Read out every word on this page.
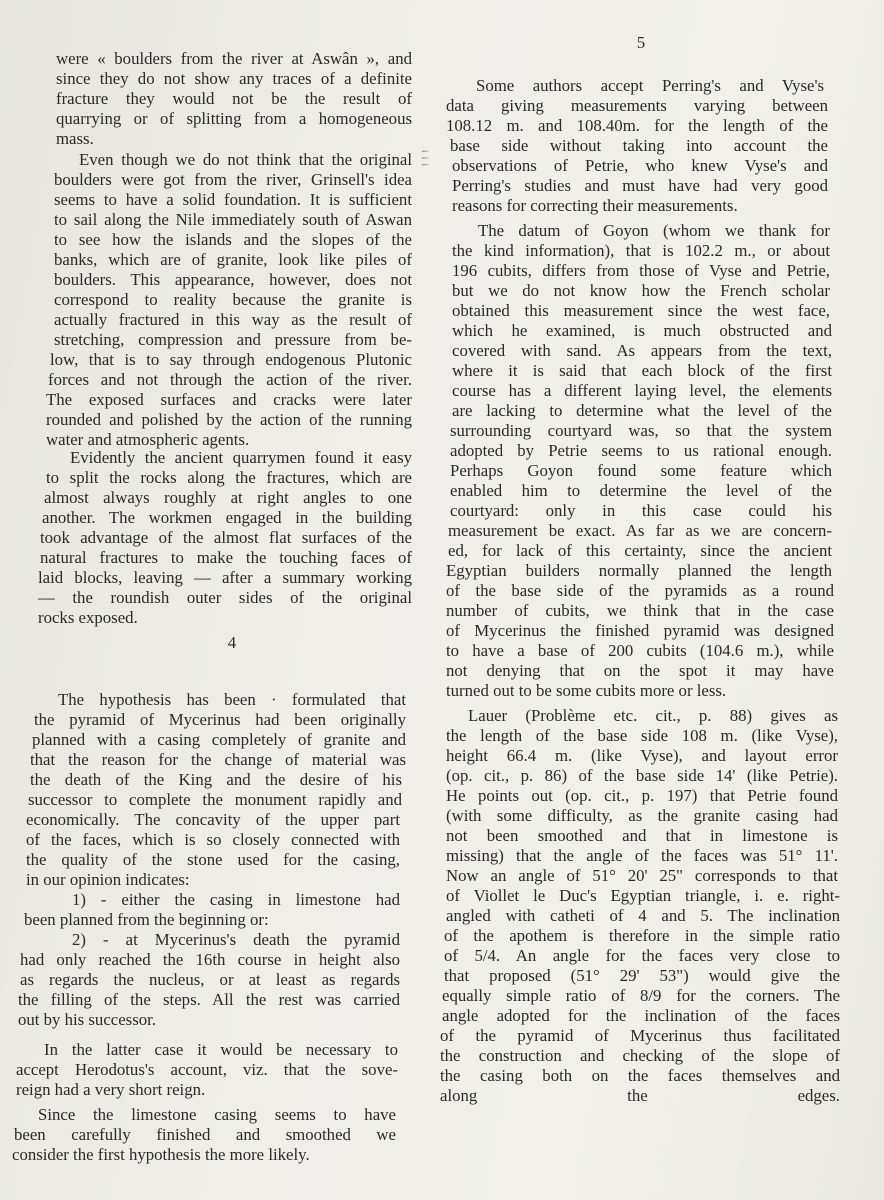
i i i
were « boulders from the river at Aswân », and
since they do not show any traces of a definite
fracture they would not be the result of
quarrying or of splitting from a homogeneous
mass.
Even though we do not think that the original
boulders were got from the river, Grinsell's idea
seems to have a solid foundation. It is sufficient
to sail along the Nile immediately south of Aswan
to see how the islands and the slopes of the
banks, which are of granite, look like piles of
boulders. This appearance, however, does not
correspond to reality because the granite is
actually fractured in this way as the result of
stretching, compression and pressure from be-
low, that is to say through endogenous Plutonic
forces and not through the action of the river.
The exposed surfaces and cracks were later
rounded and polished by the action of the running
water and atmospheric agents.
Evidently the ancient quarrymen found it easy
to split the rocks along the fractures, which are
almost always roughly at right angles to one
another. The workmen engaged in the building
took advantage of the almost flat surfaces of the
natural fractures to make the touching faces of
laid blocks, leaving — after a summary working
— the roundish outer sides of the original
rocks exposed.
The hypothesis has been · formulated that
the pyramid of Mycerinus had been originally
planned with a casing completely of granite and
that the reason for the change of material was
the death of the King and the desire of his
successor to complete the monument rapidly and
economically. The concavity of the upper part
of the faces, which is so closely connected with
the quality of the stone used for the casing,
in our opinion indicates:
1) - either the casing in limestone had
been planned from the beginning or:
2) - at Mycerinus's death the pyramid
had only reached the 16th course in height also
as regards the nucleus, or at least as regards
the filling of the steps. All the rest was carried
out by his successor.
In the latter case it would be necessary to
accept Herodotus's account, viz. that the sove-
reign had a very short reign.
Since the limestone casing seems to have
been carefully finished and smoothed we
consider the first hypothesis the more likely.
Some authors accept Perring's and Vyse's
data giving measurements varying between
108.12 m. and 108.40m. for the length of the
base side without taking into account the
observations of Petrie, who knew Vyse's and
Perring's studies and must have had very good
reasons for correcting their measurements.
The datum of Goyon (whom we thank for
the kind information), that is 102.2 m., or about
196 cubits, differs from those of Vyse and Petrie,
but we do not know how the French scholar
obtained this measurement since the west face,
which he examined, is much obstructed and
covered with sand. As appears from the text,
where it is said that each block of the first
course has a different laying level, the elements
are lacking to determine what the level of the
surrounding courtyard was, so that the system
adopted by Petrie seems to us rational enough.
Perhaps Goyon found some feature which
enabled him to determine the level of the
courtyard: only in this case could his
measurement be exact. As far as we are concern-
ed, for lack of this certainty, since the ancient
Egyptian builders normally planned the length
of the base side of the pyramids as a round
number of cubits, we think that in the case
of Mycerinus the finished pyramid was designed
to have a base of 200 cubits (104.6 m.), while
not denying that on the spot it may have
turned out to be some cubits more or less.
Lauer (Problème etc. cit., p. 88) gives as
the length of the base side 108 m. (like Vyse),
height 66.4 m. (like Vyse), and layout error
(op. cit., p. 86) of the base side 14' (like Petrie).
He points out (op. cit., p. 197) that Petrie found
(with some difficulty, as the granite casing had
not been smoothed and that in limestone is
missing) that the angle of the faces was 51° 11'.
Now an angle of 51° 20' 25" corresponds to that
of Viollet le Duc's Egyptian triangle, i. e. right-
angled with catheti of 4 and 5. The inclination
of the apothem is therefore in the simple ratio
of 5/4. An angle for the faces very close to
that proposed (51° 29' 53") would give the
equally simple ratio of 8/9 for the corners. The
angle adopted for the inclination of the faces
of the pyramid of Mycerinus thus facilitated
the construction and checking of the slope of
the casing both on the faces themselves and
along the edges.
5
4
